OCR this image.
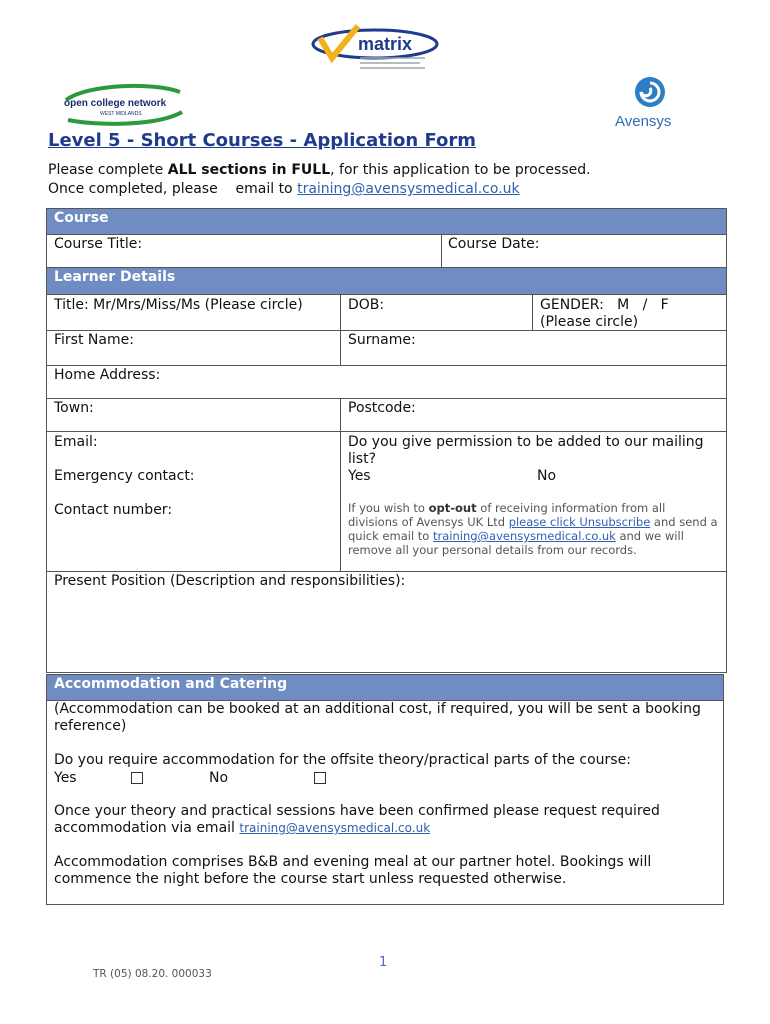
matrix
open college network
WEST MIDLANDS	Avensys
Level 5 - Short Courses - Application Form
Please complete ALL sections in FULL, for this application to be processed.
Once completed, please    email to training@avensysmedical.co.uk
Course
Course Title:	Course Date:
Learner Details
Title: Mr/Mrs/Miss/Ms (Please circle)	DOB:	GENDER:   M   /   F
(Please circle)
First Name:	Surname:
Home Address:
Town:	Postcode:
Email:
Emergency contact:
Contact number:
Do you give permission to be added to our mailing list?
Yes	No
If you wish to opt-out of receiving information from all divisions of Avensys UK Ltd please click Unsubscribe and send a quick email to training@avensysmedical.co.uk and we will remove all your personal details from our records.
Present Position (Description and responsibilities):
Accommodation and Catering
(Accommodation can be booked at an additional cost, if required, you will be sent a booking reference)
Do you require accommodation for the offsite theory/practical parts of the course:
Yes	No
Once your theory and practical sessions have been confirmed please request required accommodation via email training@avensysmedical.co.uk
Accommodation comprises B&B and evening meal at our partner hotel. Bookings will commence the night before the course start unless requested otherwise.
1
TR (05) 08.20. 000033
